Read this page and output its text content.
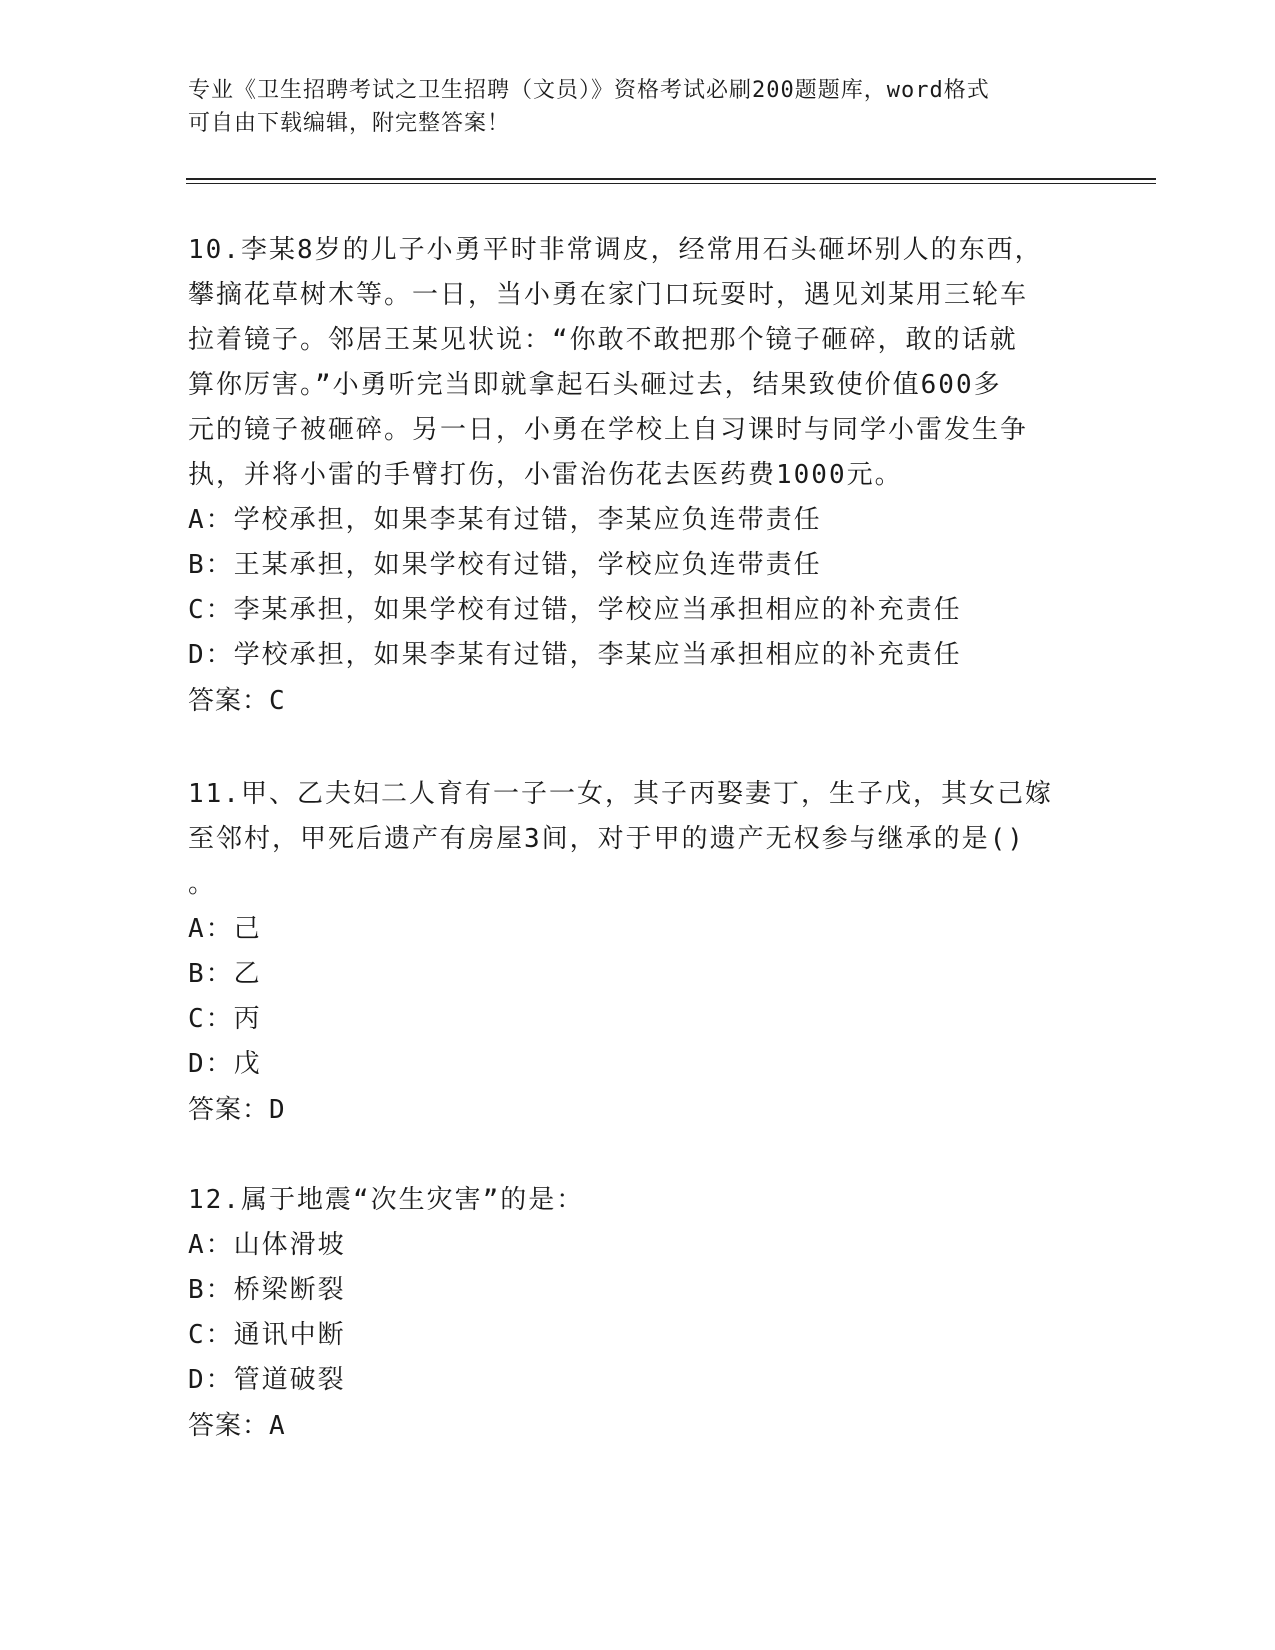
专业《卫生招聘考试之卫生招聘（文员）》资格考试必刷200题题库，word格式
可自由下载编辑，附完整答案！
10.李某8岁的儿子小勇平时非常调皮，经常用石头砸坏别人的东西，
攀摘花草树木等。一日，当小勇在家门口玩耍时，遇见刘某用三轮车
拉着镜子。邻居王某见状说：“你敢不敢把那个镜子砸碎，敢的话就
算你厉害。”小勇听完当即就拿起石头砸过去，结果致使价值600多
元的镜子被砸碎。另一日，小勇在学校上自习课时与同学小雷发生争
执，并将小雷的手臂打伤，小雷治伤花去医药费1000元。
A：学校承担，如果李某有过错，李某应负连带责任
B：王某承担，如果学校有过错，学校应负连带责任
C：李某承担，如果学校有过错，学校应当承担相应的补充责任
D：学校承担，如果李某有过错，李某应当承担相应的补充责任
答案：C
11.甲、乙夫妇二人育有一子一女，其子丙娶妻丁，生子戊，其女己嫁
至邻村，甲死后遗产有房屋3间，对于甲的遗产无权参与继承的是()
。
A：己
B：乙
C：丙
D：戊
答案：D
12.属于地震“次生灾害”的是：
A：山体滑坡
B：桥梁断裂
C：通讯中断
D：管道破裂
答案：A
